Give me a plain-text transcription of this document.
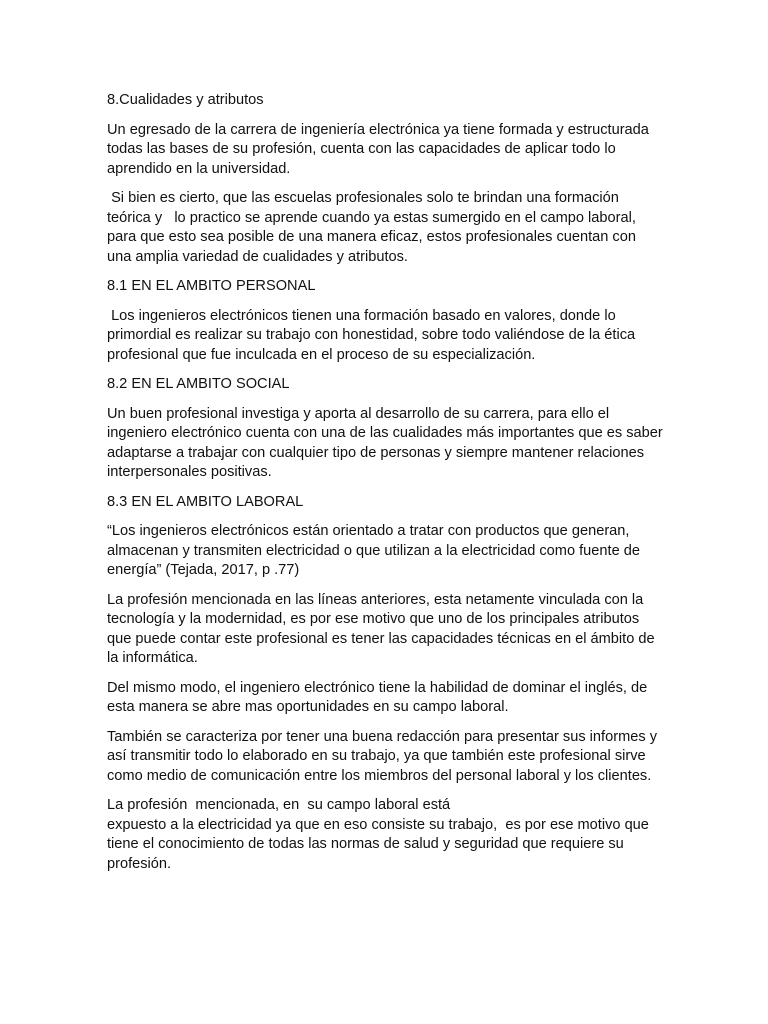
8.Cualidades y atributos
Un egresado de la carrera de ingeniería electrónica ya tiene formada y estructurada todas las bases de su profesión, cuenta con las capacidades de aplicar todo lo aprendido en la universidad.
Si bien es cierto, que las escuelas profesionales solo te brindan una formación teórica y   lo practico se aprende cuando ya estas sumergido en el campo laboral, para que esto sea posible de una manera eficaz, estos profesionales cuentan con una amplia variedad de cualidades y atributos.
8.1 EN EL AMBITO PERSONAL
Los ingenieros electrónicos tienen una formación basado en valores, donde lo primordial es realizar su trabajo con honestidad, sobre todo valiéndose de la ética profesional que fue inculcada en el proceso de su especialización.
8.2 EN EL AMBITO SOCIAL
Un buen profesional investiga y aporta al desarrollo de su carrera, para ello el ingeniero electrónico cuenta con una de las cualidades más importantes que es saber adaptarse a trabajar con cualquier tipo de personas y siempre mantener relaciones interpersonales positivas.
8.3 EN EL AMBITO LABORAL
“Los ingenieros electrónicos están orientado a tratar con productos que generan, almacenan y transmiten electricidad o que utilizan a la electricidad como fuente de energía” (Tejada, 2017, p .77)
La profesión mencionada en las líneas anteriores, esta netamente vinculada con la tecnología y la modernidad, es por ese motivo que uno de los principales atributos que puede contar este profesional es tener las capacidades técnicas en el ámbito de la informática.
Del mismo modo, el ingeniero electrónico tiene la habilidad de dominar el inglés, de esta manera se abre mas oportunidades en su campo laboral.
También se caracteriza por tener una buena redacción para presentar sus informes y así transmitir todo lo elaborado en su trabajo, ya que también este profesional sirve como medio de comunicación entre los miembros del personal laboral y los clientes.
La profesión  mencionada, en  su campo laboral está
expuesto a la electricidad ya que en eso consiste su trabajo,  es por ese motivo que tiene el conocimiento de todas las normas de salud y seguridad que requiere su profesión.
